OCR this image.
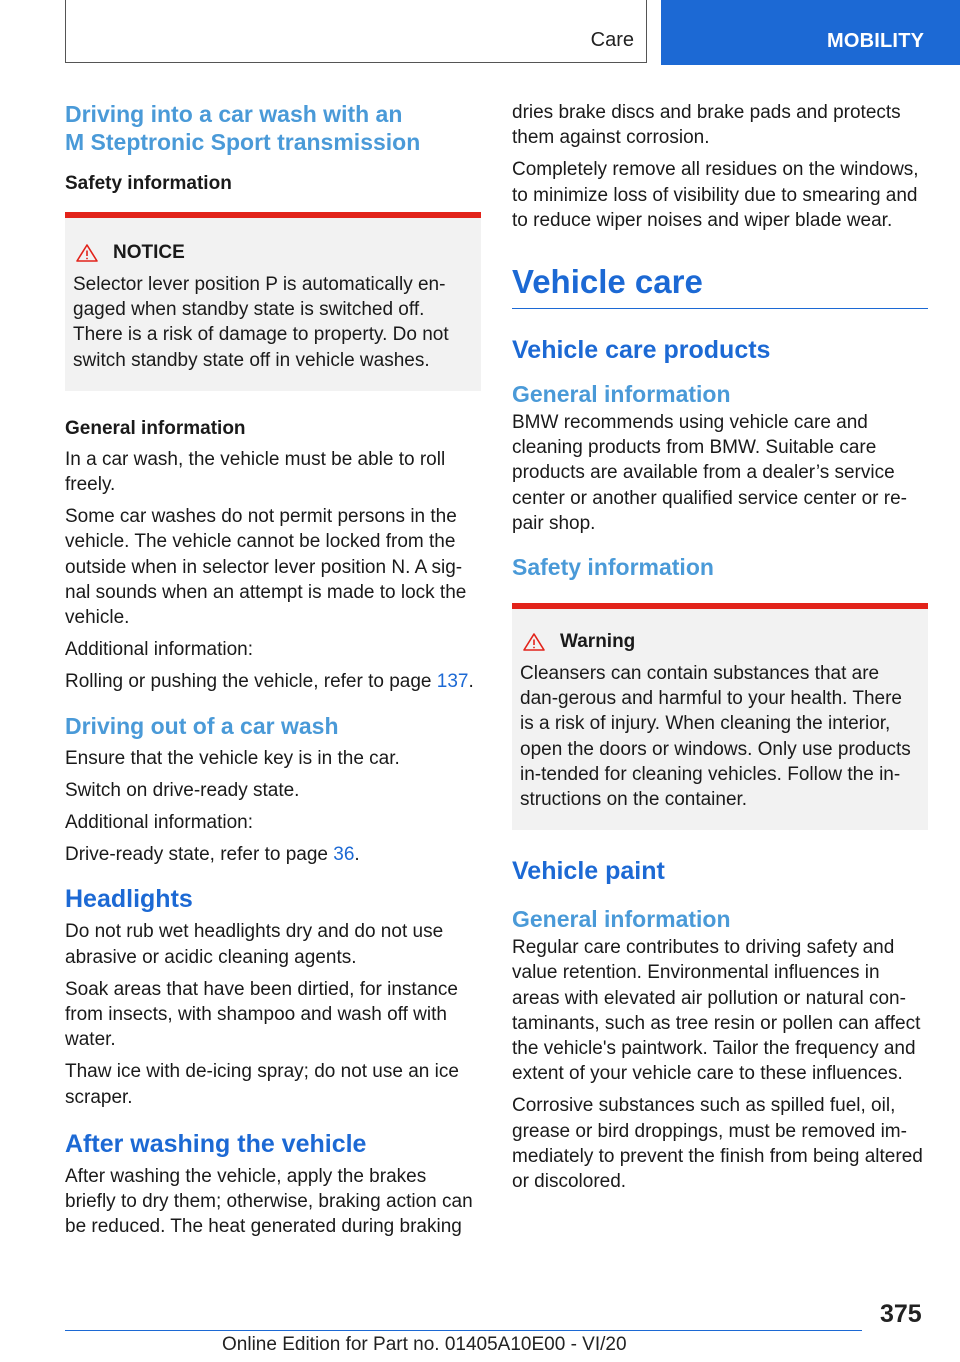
Care	MOBILITY
Driving into a car wash with an
M Steptronic Sport transmission
Safety information
NOTICE

Selector lever position P is automatically en-gaged when standby state is switched off. There is a risk of damage to property. Do not switch standby state off in vehicle washes.

General information

In a car wash, the vehicle must be able to roll freely.

Some car washes do not permit persons in the vehicle. The vehicle cannot be locked from the outside when in selector lever position N. A sig-nal sounds when an attempt is made to lock the vehicle.

Additional information:

Rolling or pushing the vehicle, refer to page 137.

Driving out of a car wash

Ensure that the vehicle key is in the car.

Switch on drive-ready state.

Additional information:

Drive-ready state, refer to page 36.

Headlights

Do not rub wet headlights dry and do not use abrasive or acidic cleaning agents.

Soak areas that have been dirtied, for instance from insects, with shampoo and wash off with water.

Thaw ice with de-icing spray; do not use an ice scraper.

After washing the vehicle

After washing the vehicle, apply the brakes briefly to dry them; otherwise, braking action can be reduced. The heat generated during braking

dries brake discs and brake pads and protects them against corrosion.

Completely remove all residues on the windows, to minimize loss of visibility due to smearing and to reduce wiper noises and wiper blade wear.

Vehicle care
Vehicle care products
General information

BMW recommends using vehicle care and cleaning products from BMW. Suitable care products are available from a dealer’s service center or another qualified service center or re-pair shop.

Safety information
Warning

Cleansers can contain substances that are dan-gerous and harmful to your health. There is a risk of injury. When cleaning the interior, open the doors or windows. Only use products in-tended for cleaning vehicles. Follow the in-structions on the container.

Vehicle paint
General information

Regular care contributes to driving safety and value retention. Environmental influences in areas with elevated air pollution or natural con-taminants, such as tree resin or pollen can affect the vehicle's paintwork. Tailor the frequency and extent of your vehicle care to these influences.

Corrosive substances such as spilled fuel, oil, grease or bird droppings, must be removed im-mediately to prevent the finish from being altered or discolored.

375
Online Edition for Part no. 01405A10E00 - VI/20
